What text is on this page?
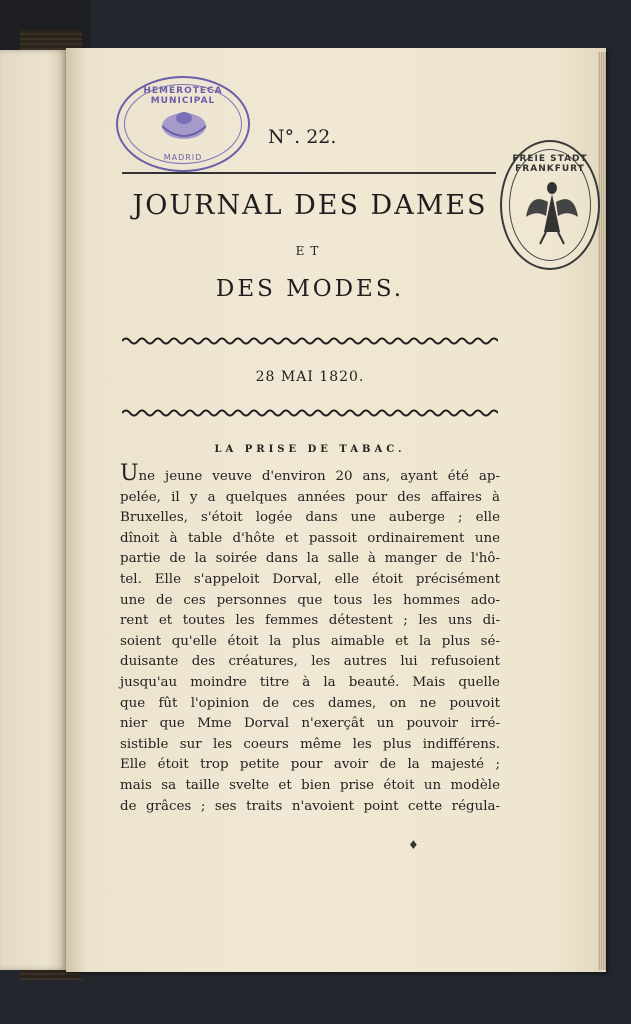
HEMEROTECA MUNICIPAL
MADRID	FREIE STADT FRANKFURT
N°. 22.
JOURNAL DES DAMES
ET
DES MODES.
28 MAI 1820.
LA PRISE DE TABAC.
Une jeune veuve d'environ 20 ans, ayant été ap-
pelée, il y a quelques années pour des affaires à
Bruxelles, s'étoit logée dans une auberge ; elle
dînoit à table d'hôte et passoit ordinairement une
partie de la soirée dans la salle à manger de l'hô-
tel. Elle s'appeloit Dorval, elle étoit précisément
une de ces personnes que tous les hommes ado-
rent et toutes les femmes détestent ; les uns di-
soient qu'elle étoit la plus aimable et la plus sé-
duisante des créatures, les autres lui refusoient
jusqu'au moindre titre à la beauté. Mais quelle
que fût l'opinion de ces dames, on ne pouvoit
nier que Mme Dorval n'exerçât un pouvoir irré-
sistible sur les coeurs même les plus indifférens.
Elle étoit trop petite pour avoir de la majesté ;
mais sa taille svelte et bien prise étoit un modèle
de grâces ; ses traits n'avoient point cette régula-
♦
